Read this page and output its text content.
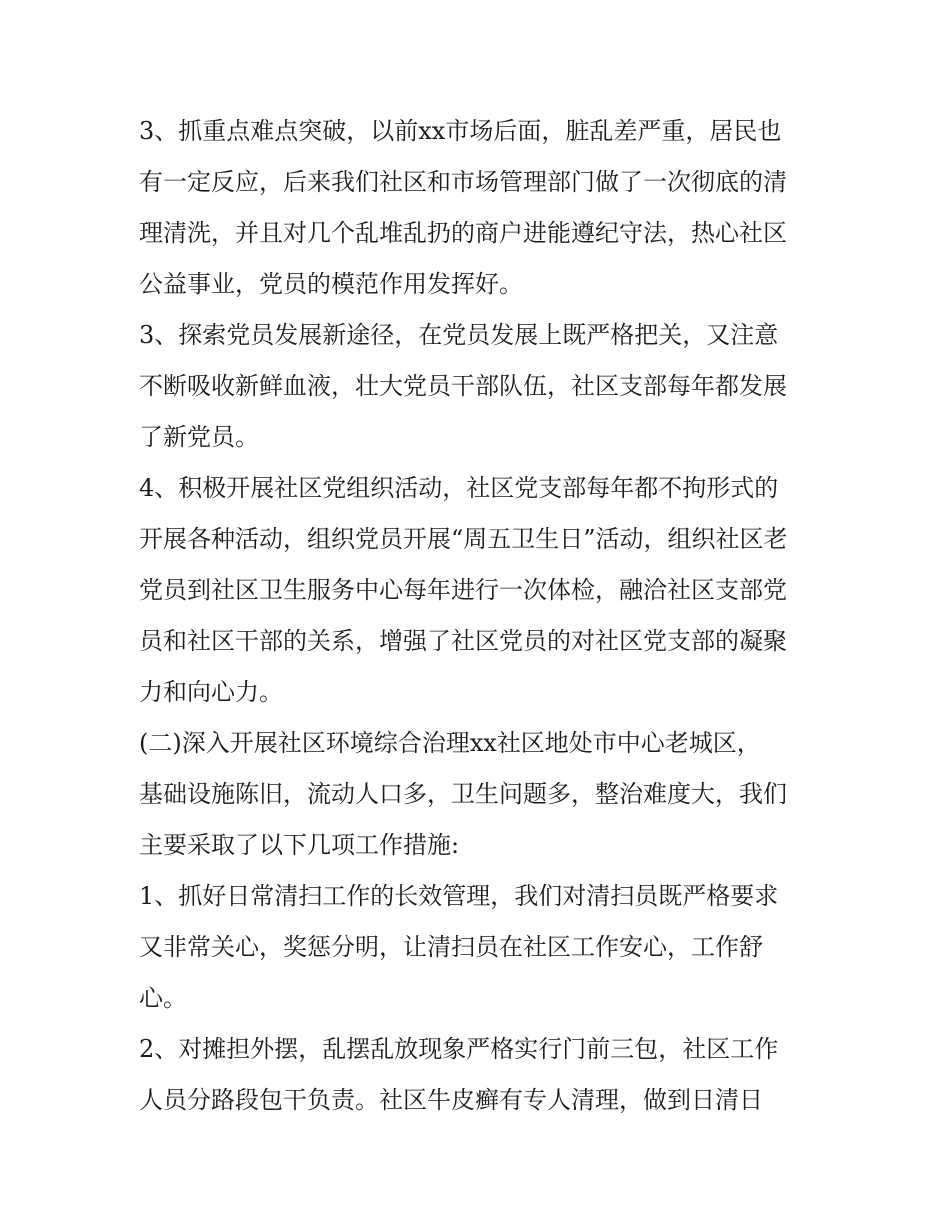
3、抓重点难点突破，以前xx市场后面，脏乱差严重，居民也
有一定反应，后来我们社区和市场管理部门做了一次彻底的清
理清洗，并且对几个乱堆乱扔的商户进能遵纪守法，热心社区
公益事业，党员的模范作用发挥好。
3、探索党员发展新途径，在党员发展上既严格把关，又注意
不断吸收新鲜血液，壮大党员干部队伍，社区支部每年都发展
了新党员。
4、积极开展社区党组织活动，社区党支部每年都不拘形式的
开展各种活动，组织党员开展“周五卫生日”活动，组织社区老
党员到社区卫生服务中心每年进行一次体检，融洽社区支部党
员和社区干部的关系，增强了社区党员的对社区党支部的凝聚
力和向心力。
(二)深入开展社区环境综合治理xx社区地处市中心老城区，
基础设施陈旧，流动人口多，卫生问题多，整治难度大，我们
主要采取了以下几项工作措施:
1、抓好日常清扫工作的长效管理，我们对清扫员既严格要求
又非常关心，奖惩分明，让清扫员在社区工作安心，工作舒
心。
2、对摊担外摆，乱摆乱放现象严格实行门前三包，社区工作
人员分路段包干负责。社区牛皮癣有专人清理，做到日清日
